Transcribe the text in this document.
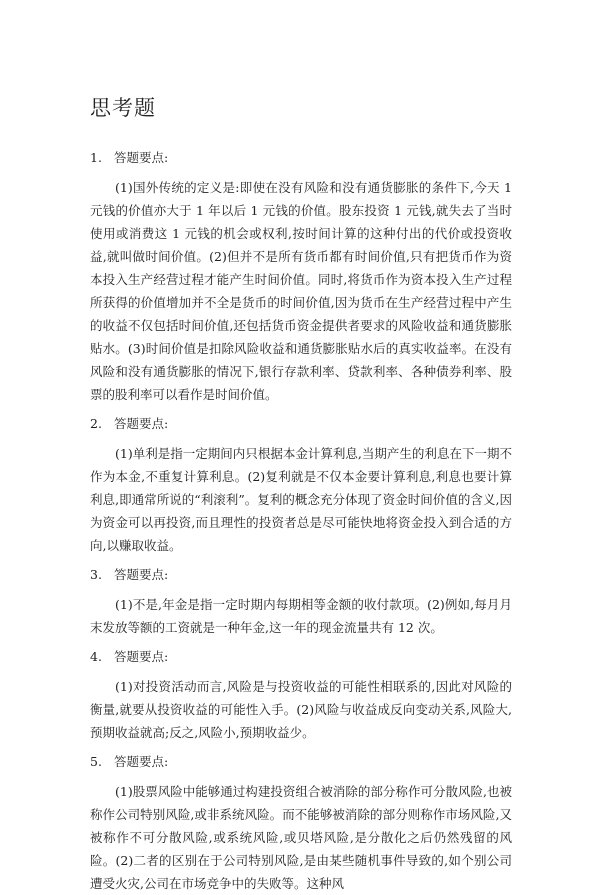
思考题

1. 答题要点:

(1)国外传统的定义是:即使在没有风险和没有通货膨胀的条件下,今天 1 元钱的价值亦大于 1 年以后 1 元钱的价值。股东投资 1 元钱,就失去了当时使用或消费这 1 元钱的机会或权利,按时间计算的这种付出的代价或投资收益,就叫做时间价值。(2)但并不是所有货币都有时间价值,只有把货币作为资本投入生产经营过程才能产生时间价值。同时,将货币作为资本投入生产过程所获得的价值增加并不全是货币的时间价值,因为货币在生产经营过程中产生的收益不仅包括时间价值,还包括货币资金提供者要求的风险收益和通货膨胀贴水。(3)时间价值是扣除风险收益和通货膨胀贴水后的真实收益率。在没有风险和没有通货膨胀的情况下,银行存款利率、贷款利率、各种债券利率、股票的股利率可以看作是时间价值。

2. 答题要点:

(1)单利是指一定期间内只根据本金计算利息,当期产生的利息在下一期不作为本金,不重复计算利息。(2)复利就是不仅本金要计算利息,利息也要计算利息,即通常所说的“利滚利”。复利的概念充分体现了资金时间价值的含义,因为资金可以再投资,而且理性的投资者总是尽可能快地将资金投入到合适的方向,以赚取收益。

3. 答题要点:

(1)不是,年金是指一定时期内每期相等金额的收付款项。(2)例如,每月月末发放等额的工资就是一种年金,这一年的现金流量共有 12 次。

4. 答题要点:

(1)对投资活动而言,风险是与投资收益的可能性相联系的,因此对风险的衡量,就要从投资收益的可能性入手。(2)风险与收益成反向变动关系,风险大,预期收益就高;反之,风险小,预期收益少。

5. 答题要点:

(1)股票风险中能够通过构建投资组合被消除的部分称作可分散风险,也被称作公司特别风险,或非系统风险。而不能够被消除的部分则称作市场风险,又被称作不可分散风险,或系统风险,或贝塔风险,是分散化之后仍然残留的风险。(2)二者的区别在于公司特别风险,是由某些随机事件导致的,如个别公司遭受火灾,公司在市场竞争中的失败等。这种风
